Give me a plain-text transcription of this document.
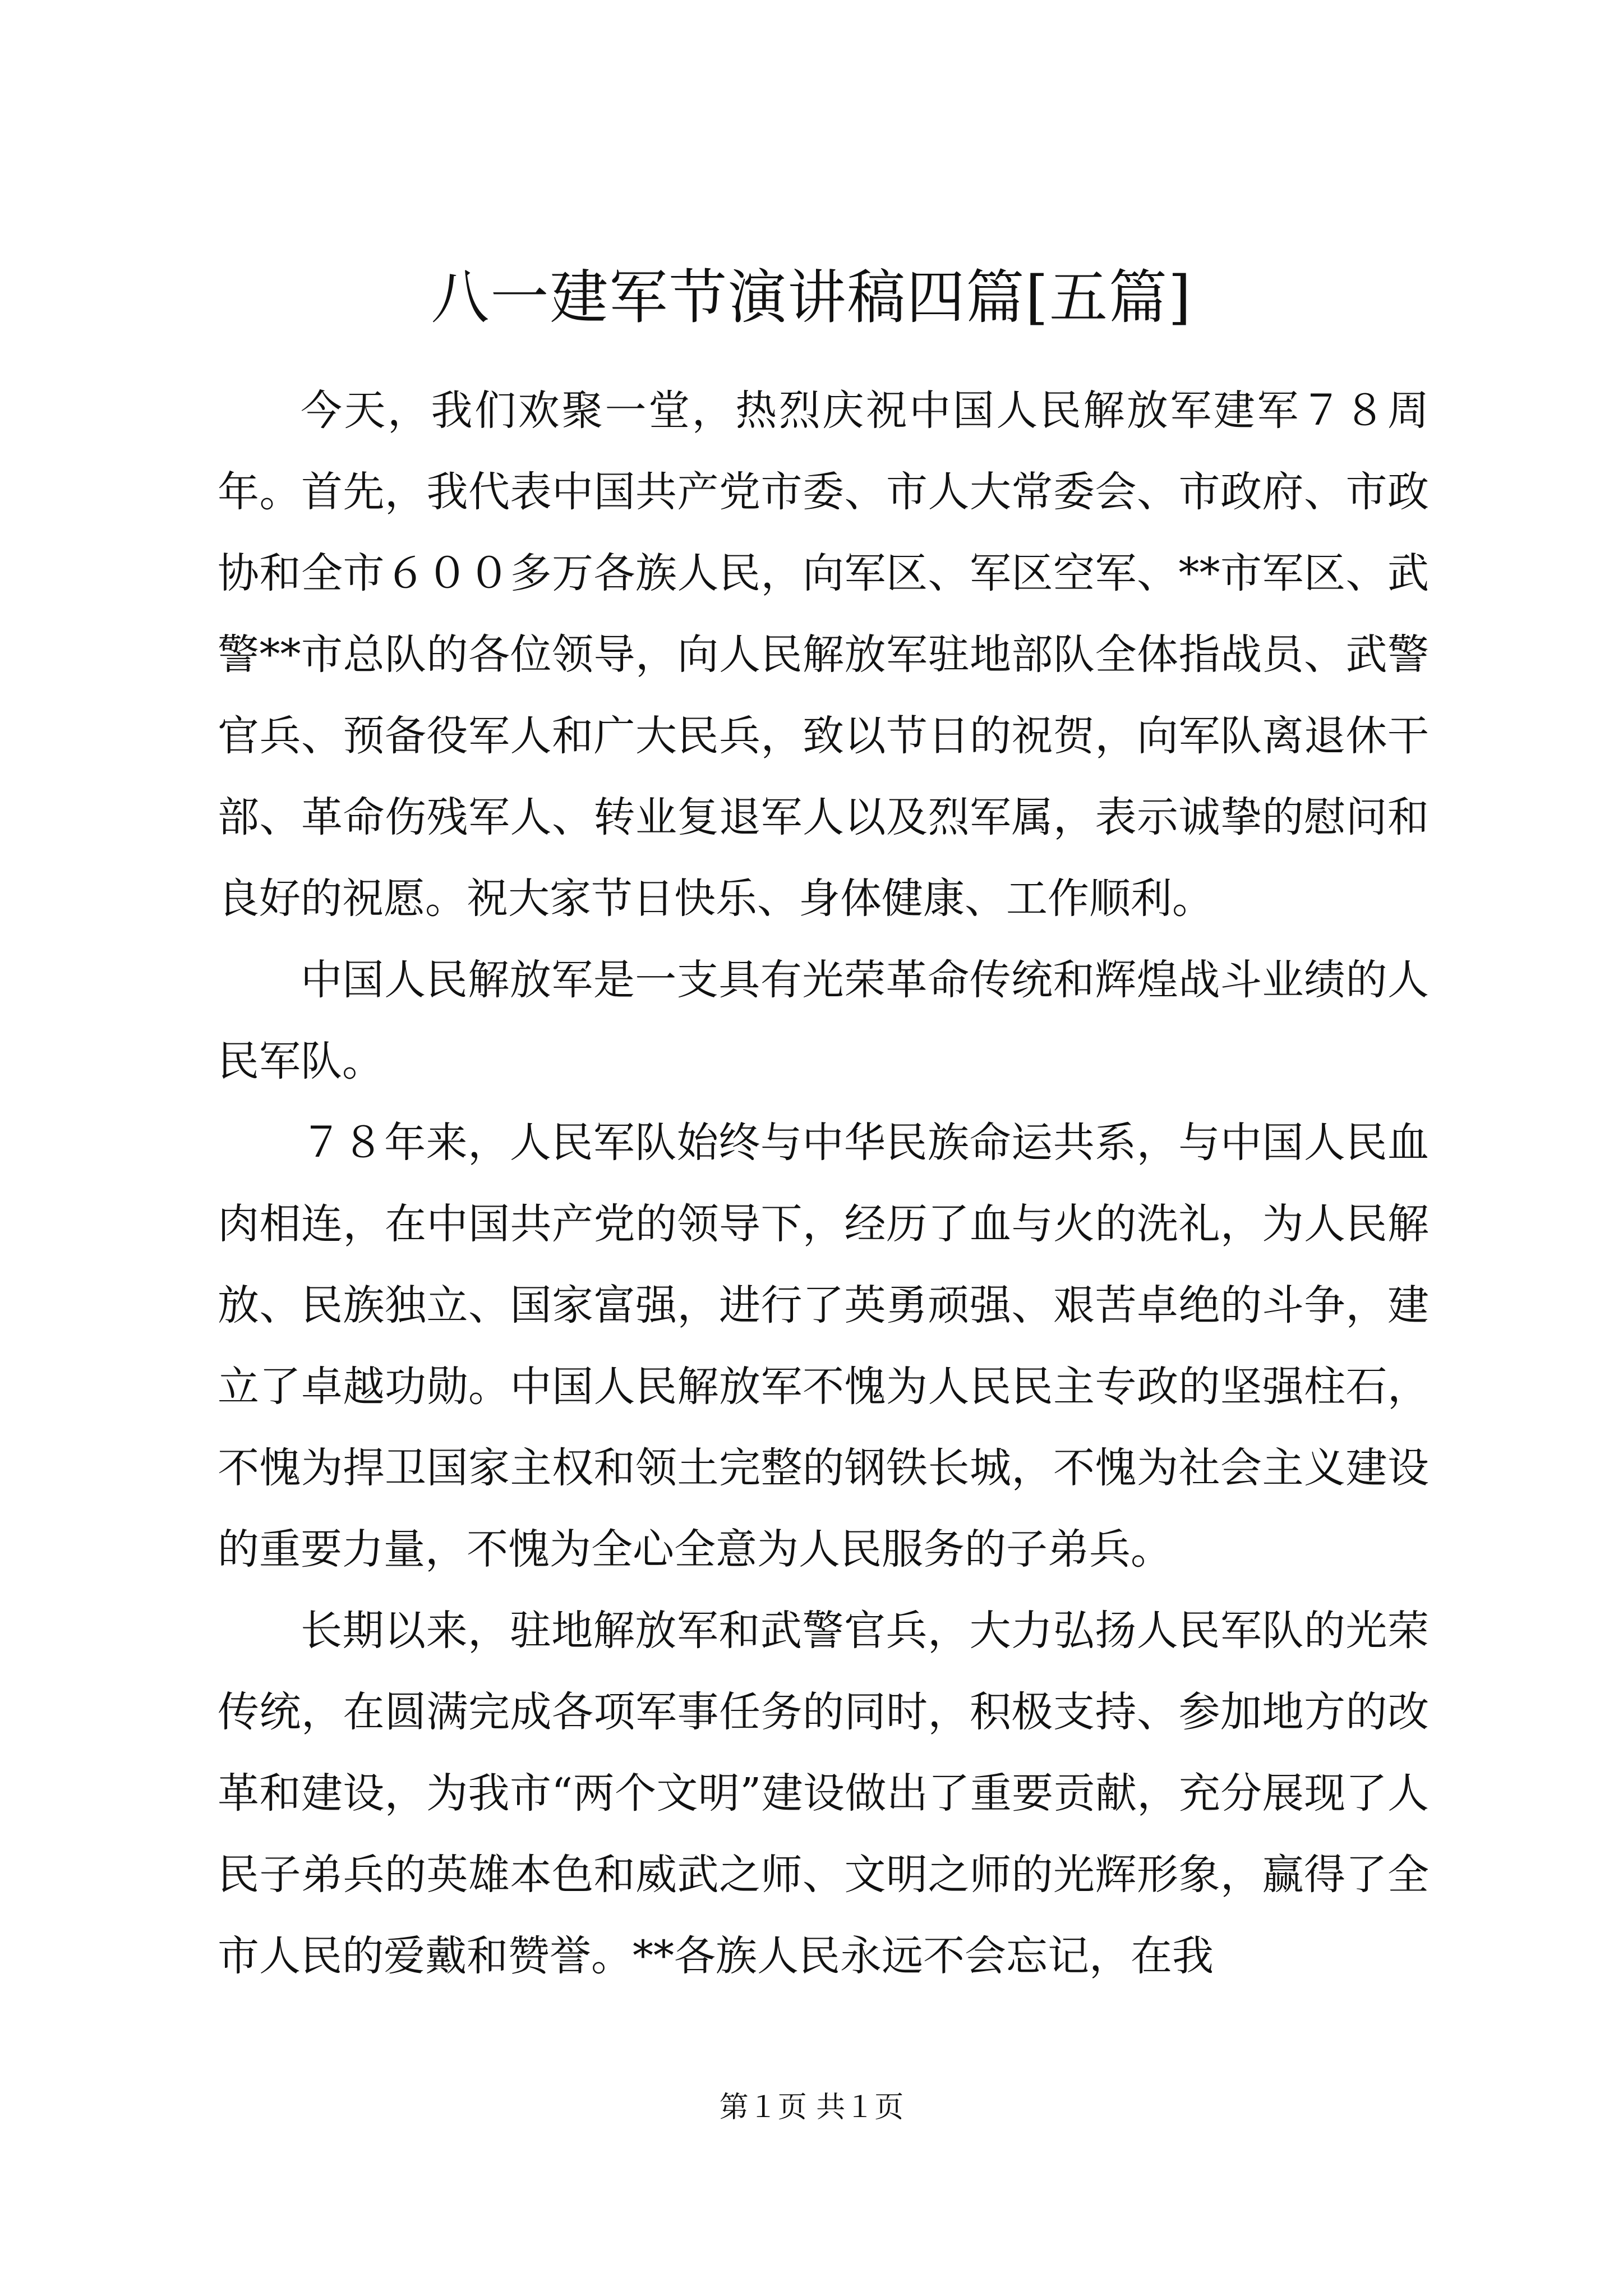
八一建军节演讲稿四篇[五篇]

今天，我们欢聚一堂，热烈庆祝中国人民解放军建军７８周年。首先，我代表中国共产党市委、市人大常委会、市政府、市政协和全市６００多万各族人民，向军区、军区空军、**市军区、武警**市总队的各位领导，向人民解放军驻地部队全体指战员、武警官兵、预备役军人和广大民兵，致以节日的祝贺，向军队离退休干部、革命伤残军人、转业复退军人以及烈军属，表示诚挚的慰问和良好的祝愿。祝大家节日快乐、身体健康、工作顺利。

中国人民解放军是一支具有光荣革命传统和辉煌战斗业绩的人民军队。

７８年来，人民军队始终与中华民族命运共系，与中国人民血肉相连，在中国共产党的领导下，经历了血与火的洗礼，为人民解放、民族独立、国家富强，进行了英勇顽强、艰苦卓绝的斗争，建立了卓越功勋。中国人民解放军不愧为人民民主专政的坚强柱石，不愧为捍卫国家主权和领土完整的钢铁长城，不愧为社会主义建设的重要力量，不愧为全心全意为人民服务的子弟兵。

长期以来，驻地解放军和武警官兵，大力弘扬人民军队的光荣传统，在圆满完成各项军事任务的同时，积极支持、参加地方的改革和建设，为我市“两个文明”建设做出了重要贡献，充分展现了人民子弟兵的英雄本色和威武之师、文明之师的光辉形象，赢得了全市人民的爱戴和赞誉。**各族人民永远不会忘记，在我

第１页 共１页
